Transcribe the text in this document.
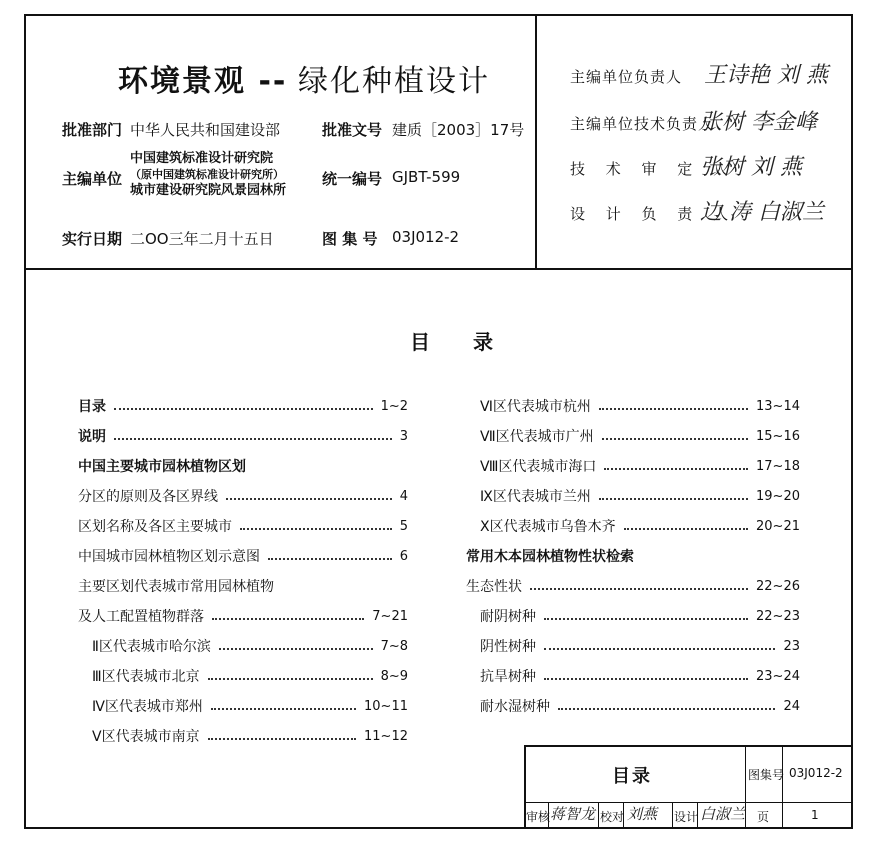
环境景观 -- 绿化种植设计
批准部门 中华人民共和国建设部	批准文号 建质［2003］17号
主编单位
中国建筑标准设计研究院
（原中国建筑标准设计研究所）
城市建设研究院风景园林所
统一编号 GJBT-599
实行日期 二OO三年二月十五日	图 集 号 03J012-2
主编单位负责人 王诗艳 刘 燕
主编单位技术负责人
张树 李金峰
技 术 审 定 人
张树 刘 燕
设 计 负 责 人
边 涛 白淑兰
目 录
目录	1~2
说明	3
中国主要城市园林植物区划
分区的原则及各区界线	4
区划名称及各区主要城市	5
中国城市园林植物区划示意图	6
主要区划代表城市常用园林植物
及人工配置植物群落	7~21
Ⅱ区代表城市哈尔滨	7~8
Ⅲ区代表城市北京	8~9
Ⅳ区代表城市郑州	10~11
Ⅴ区代表城市南京	11~12
Ⅵ区代表城市杭州	13~14
Ⅶ区代表城市广州	15~16
Ⅷ区代表城市海口	17~18
Ⅸ区代表城市兰州	19~20
Ⅹ区代表城市乌鲁木齐	20~21
常用木本园林植物性状检索
生态性状	22~26
耐阴树种	22~23
阴性树种	23
抗旱树种	23~24
耐水湿树种	24
目录	图集号 03J012-2
审核 蒋智龙 校对 刘燕 设计 白淑兰 页	1
